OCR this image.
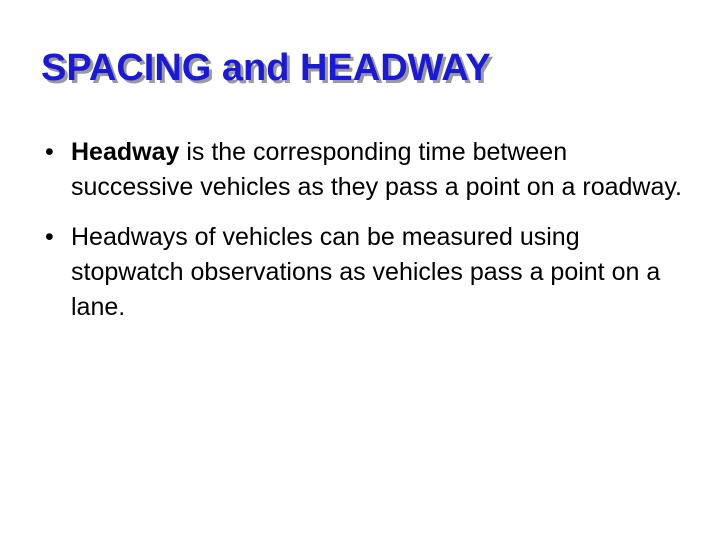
SPACING and HEADWAY
• Headway is the corresponding time between successive vehicles as they pass a point on a roadway.
• Headways of vehicles can be measured using stopwatch observations as vehicles pass a point on a lane.
